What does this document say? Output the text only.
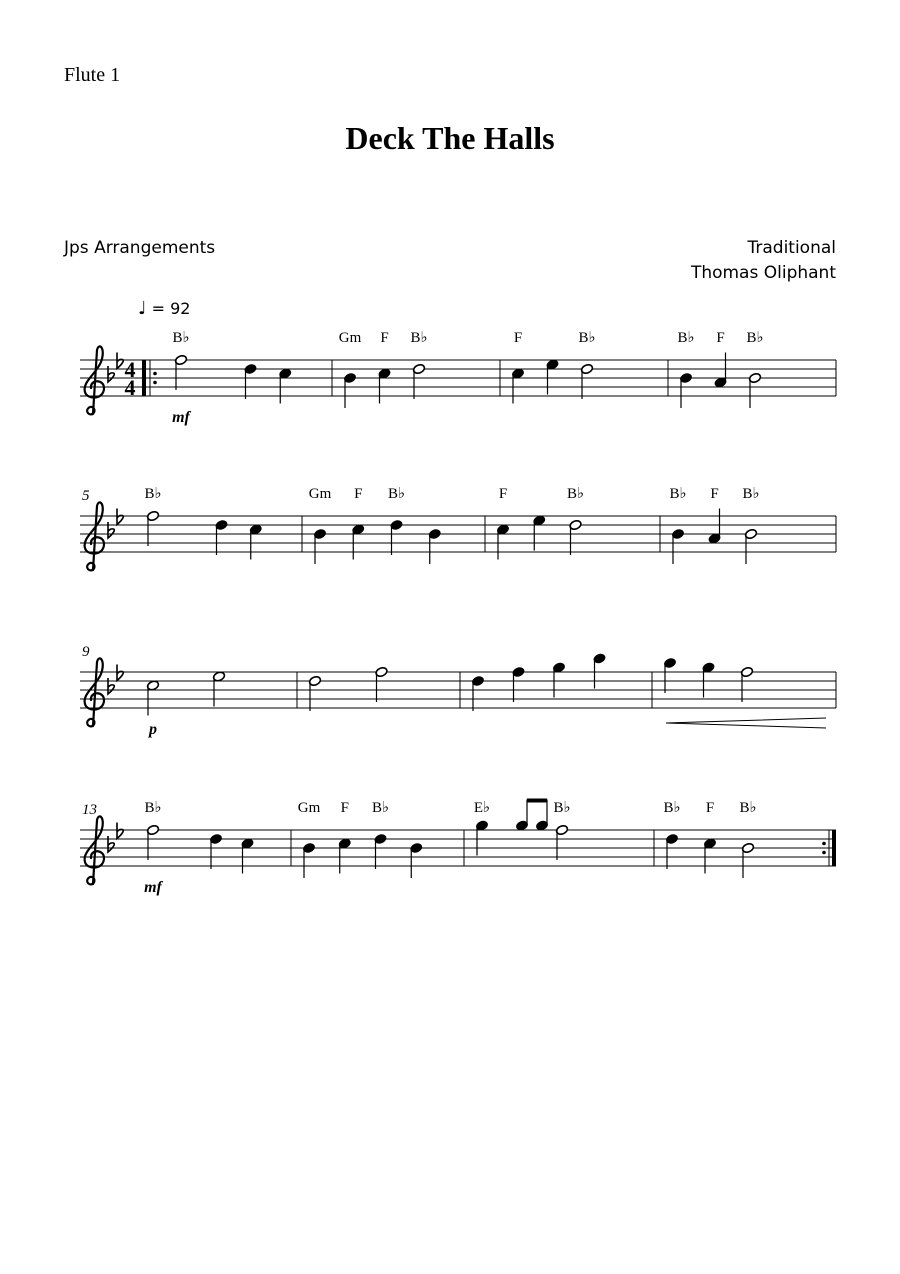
Flute 1
Deck The Halls
Jps Arrangements	Traditional
Thomas Oliphant
♩ = 92
4
4
B♭
mf
Gm F B♭	F	B♭	B♭ F B♭
5	B♭	Gm F B♭	F	B♭	B♭ F B♭
9
p
13	B♭
mf
Gm F B♭	E♭	B♭	B♭ F B♭
